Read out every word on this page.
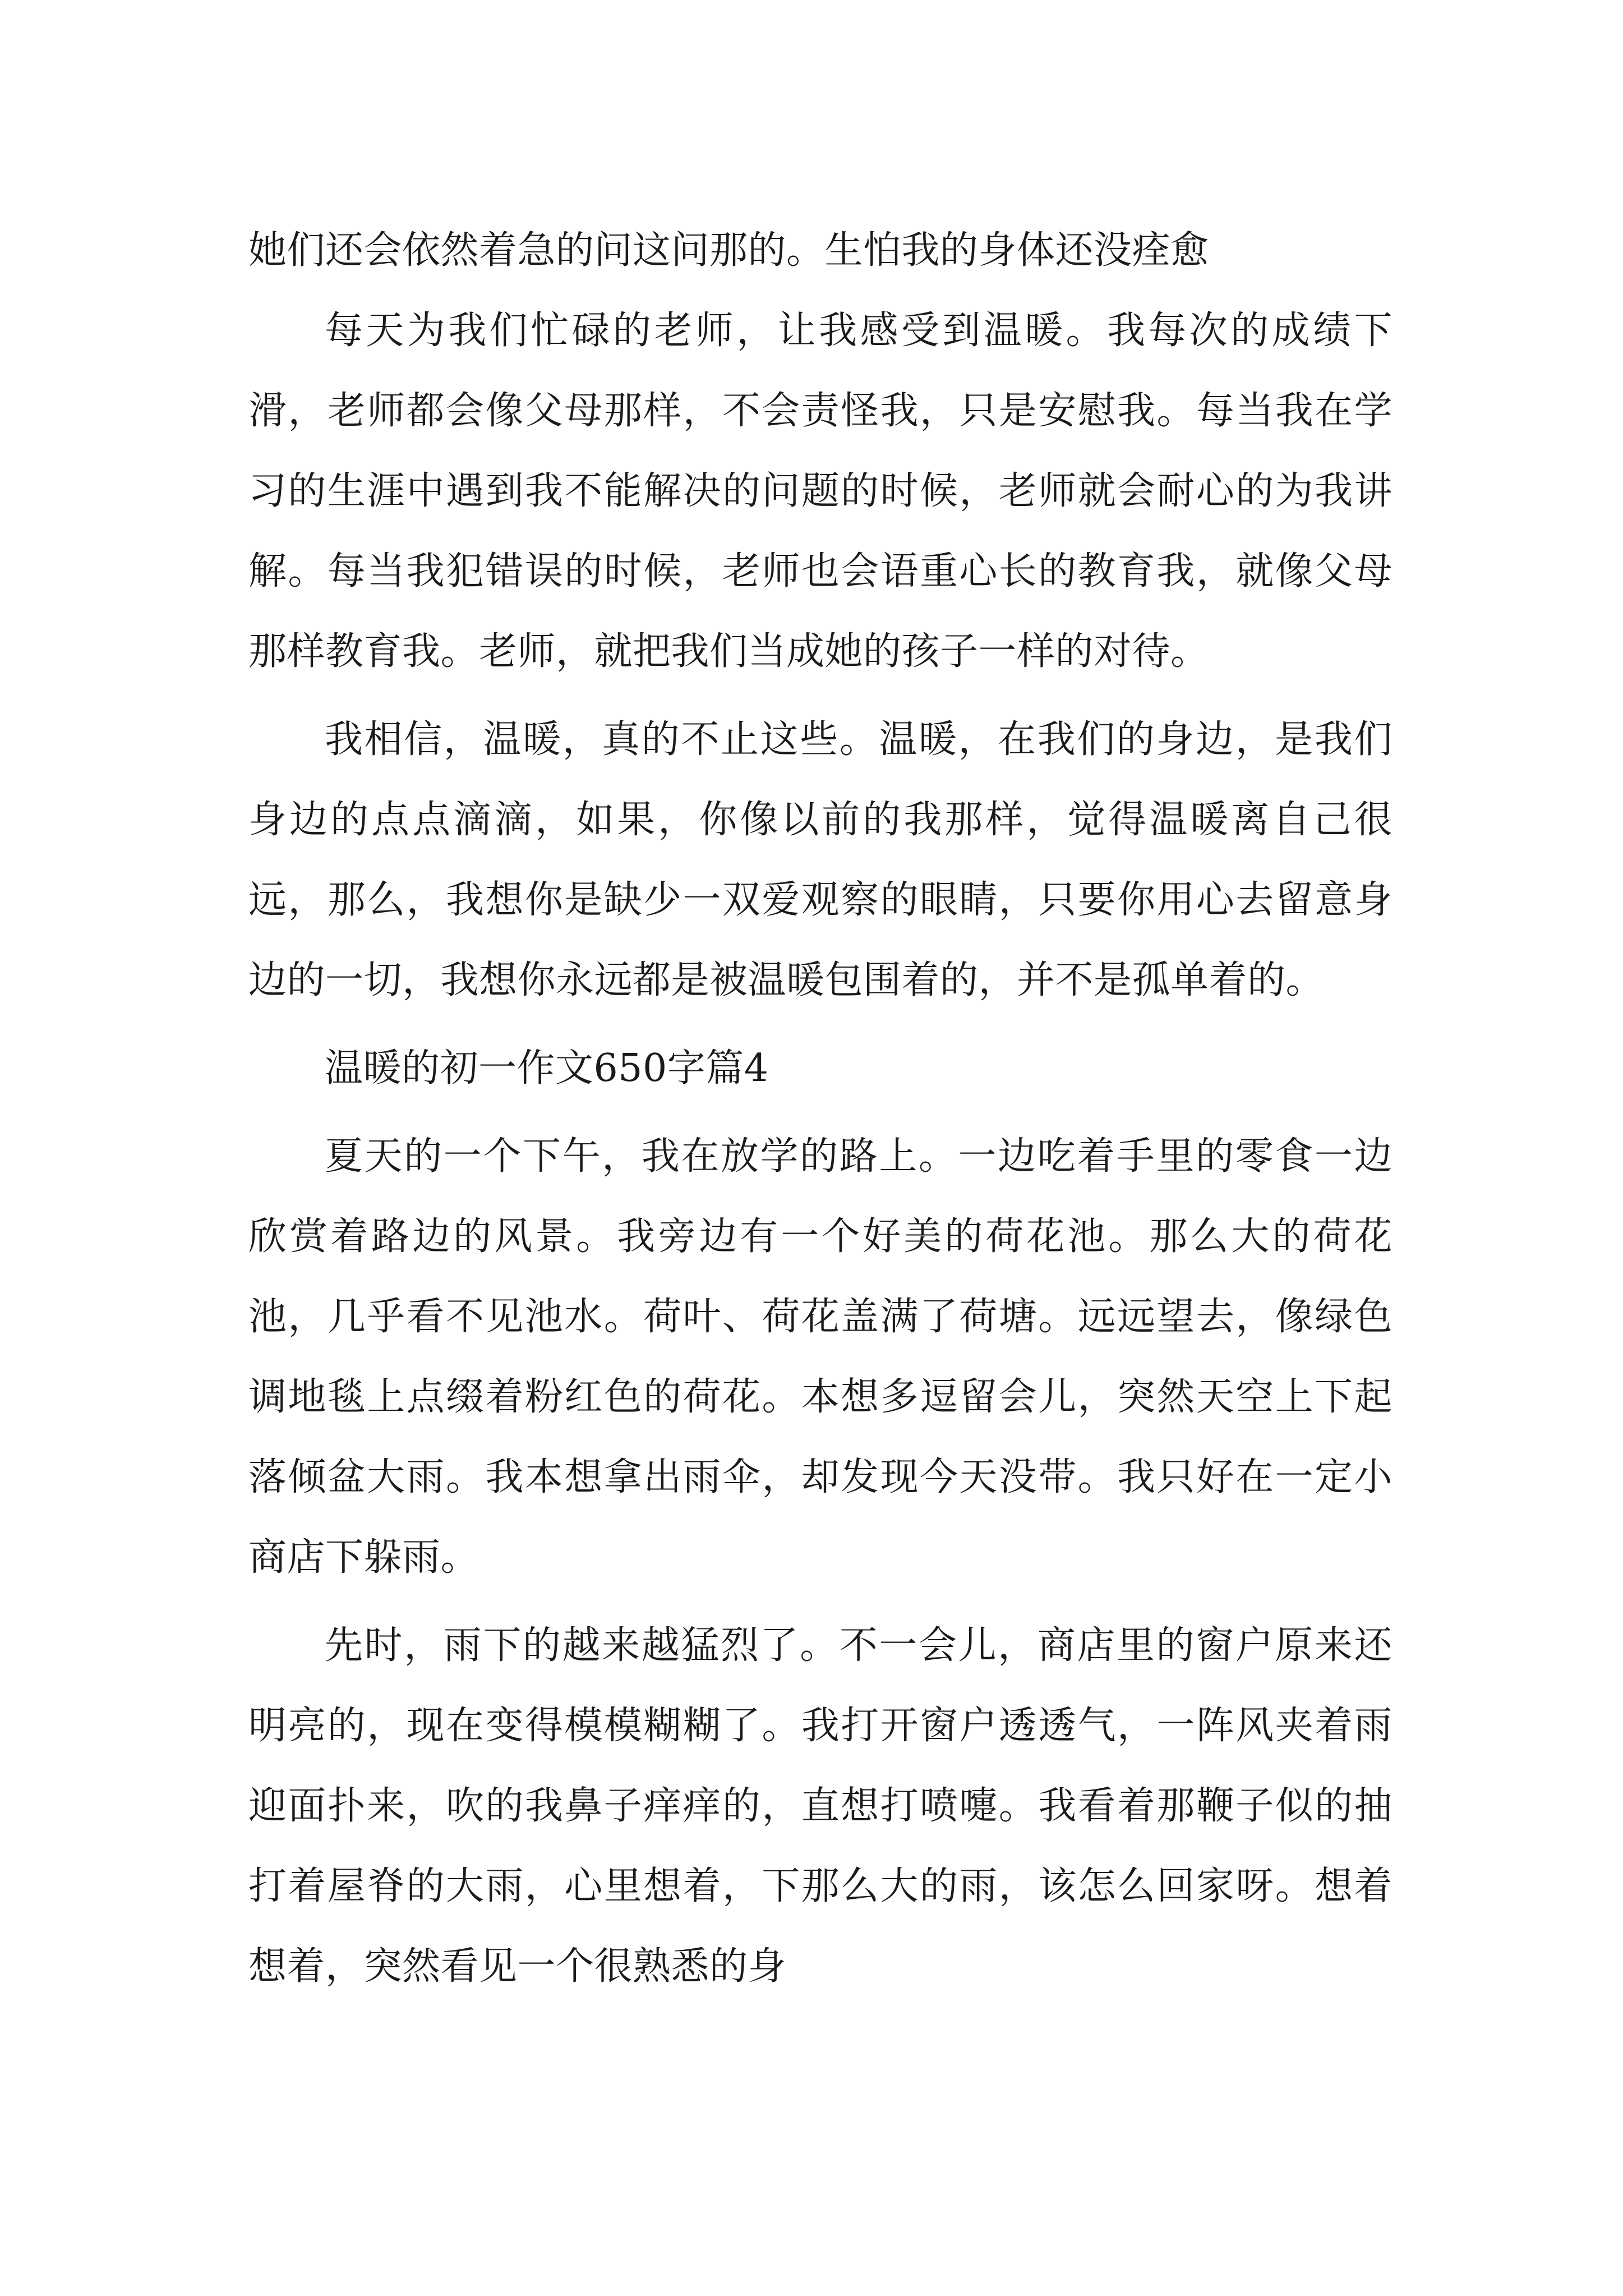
她们还会依然着急的问这问那的。生怕我的身体还没痊愈

每天为我们忙碌的老师，让我感受到温暖。我每次的成绩下滑，老师都会像父母那样，不会责怪我，只是安慰我。每当我在学习的生涯中遇到我不能解决的问题的时候，老师就会耐心的为我讲解。每当我犯错误的时候，老师也会语重心长的教育我，就像父母那样教育我。老师，就把我们当成她的孩子一样的对待。

我相信，温暖，真的不止这些。温暖，在我们的身边，是我们身边的点点滴滴，如果，你像以前的我那样，觉得温暖离自己很远，那么，我想你是缺少一双爱观察的眼睛，只要你用心去留意身边的一切，我想你永远都是被温暖包围着的，并不是孤单着的。

温暖的初一作文650字篇4

夏天的一个下午，我在放学的路上。一边吃着手里的零食一边欣赏着路边的风景。我旁边有一个好美的荷花池。那么大的荷花池，几乎看不见池水。荷叶、荷花盖满了荷塘。远远望去，像绿色调地毯上点缀着粉红色的荷花。本想多逗留会儿，突然天空上下起落倾盆大雨。我本想拿出雨伞，却发现今天没带。我只好在一定小商店下躲雨。

先时，雨下的越来越猛烈了。不一会儿，商店里的窗户原来还明亮的，现在变得模模糊糊了。我打开窗户透透气，一阵风夹着雨迎面扑来，吹的我鼻子痒痒的，直想打喷嚏。我看着那鞭子似的抽打着屋脊的大雨，心里想着，下那么大的雨，该怎么回家呀。想着想着，突然看见一个很熟悉的身
